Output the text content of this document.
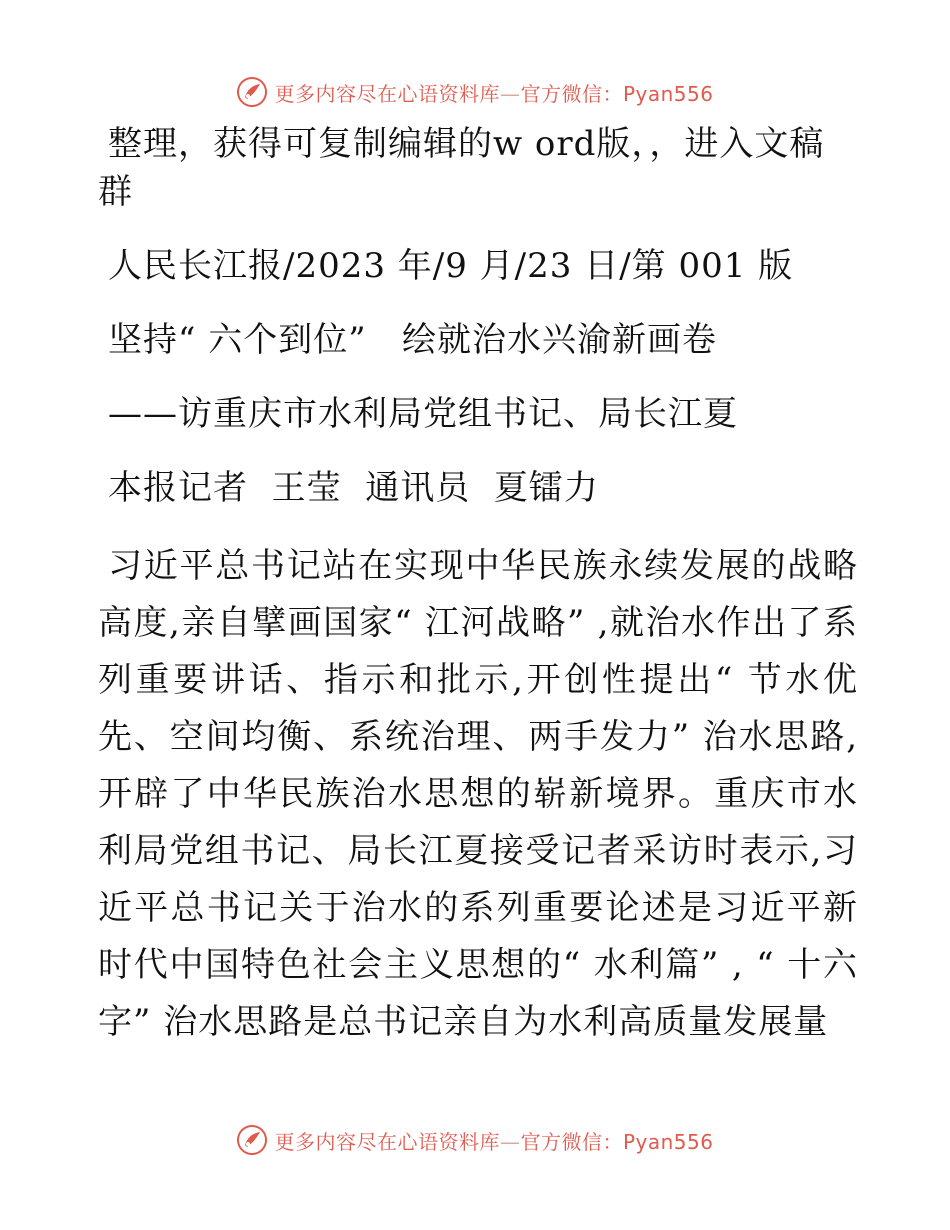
更多内容尽在心语资料库—官方微信：Pyan556
整理，获得可复制编辑的w ord版，，进入文稿
群
人民长江报/2023 年/9 月/23 日/第 001 版
坚持“ 六个到位”   绘就治水兴渝新画卷
——访重庆市水利局党组书记、局长江夏
本报记者  王莹  通讯员  夏镭力

习近平总书记站在实现中华民族永续发展的战略高度,亲自擘画国家“ 江河战略” ,就治水作出了系列重要讲话、指示和批示,开创性提出“ 节水优先、空间均衡、系统治理、两手发力” 治水思路,开辟了中华民族治水思想的崭新境界。重庆市水利局党组书记、局长江夏接受记者采访时表示,习近平总书记关于治水的系列重要论述是习近平新时代中国特色社会主义思想的“ 水利篇” , “ 十六字” 治水思路是总书记亲自为水利高质量发展量

更多内容尽在心语资料库—官方微信：Pyan556
